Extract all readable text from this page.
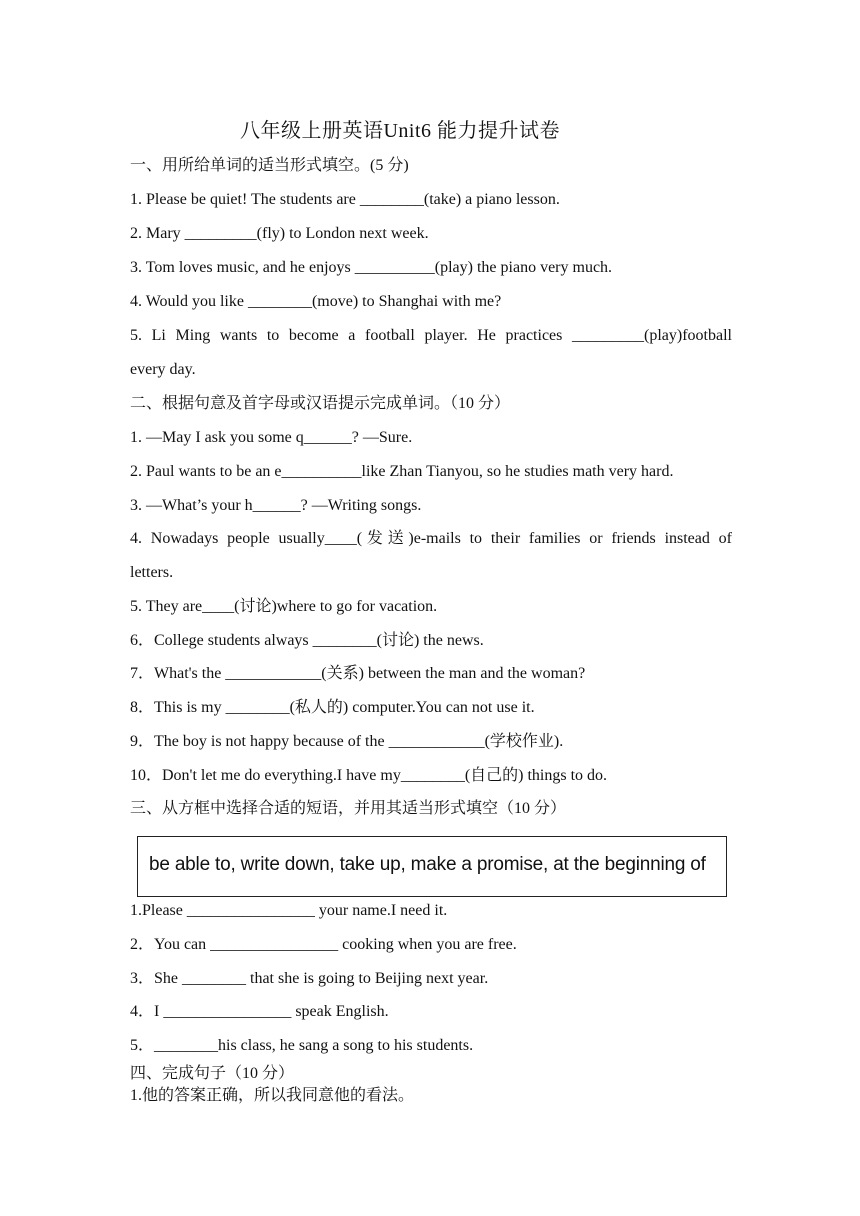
八年级上册英语Unit6 能力提升试卷
一、用所给单词的适当形式填空。(5 分)
1. Please be quiet! The students are ________(take) a piano lesson.
2. Mary _________(fly) to London next week.
3. Tom loves music, and he enjoys __________(play) the piano very much.
4. Would you like ________(move) to Shanghai with me?
5. Li Ming wants to become a football player. He practices _________(play)football
every day.
二、根据句意及首字母或汉语提示完成单词。（10 分）
1. —May I ask you some q______? —Sure.
2. Paul wants to be an e__________like Zhan Tianyou, so he studies math very hard.
3. —What’s your h______? —Writing songs.
4. Nowadays people usually____(发送)e-mails to their families or friends instead of
letters.
5. They are____(讨论)where to go for vacation.
6．College students always ________(讨论) the news.
7．What's the ____________(关系) between the man and the woman?
8．This is my ________(私人的) computer.You can not use it.
9．The boy is not happy because of the ____________(学校作业).
10．Don't let me do everything.I have my________(自己的) things to do.
三、从方框中选择合适的短语，并用其适当形式填空（10 分）
be able to, write down, take up, make a promise, at the beginning of
1.Please ________________ your name.I need it.
2．You can ________________ cooking when you are free.
3．She ________ that she is going to Beijing next year.
4．I ________________ speak English.
5．________his class, he sang a song to his students.
四、完成句子（10 分）
1.他的答案正确，所以我同意他的看法。
